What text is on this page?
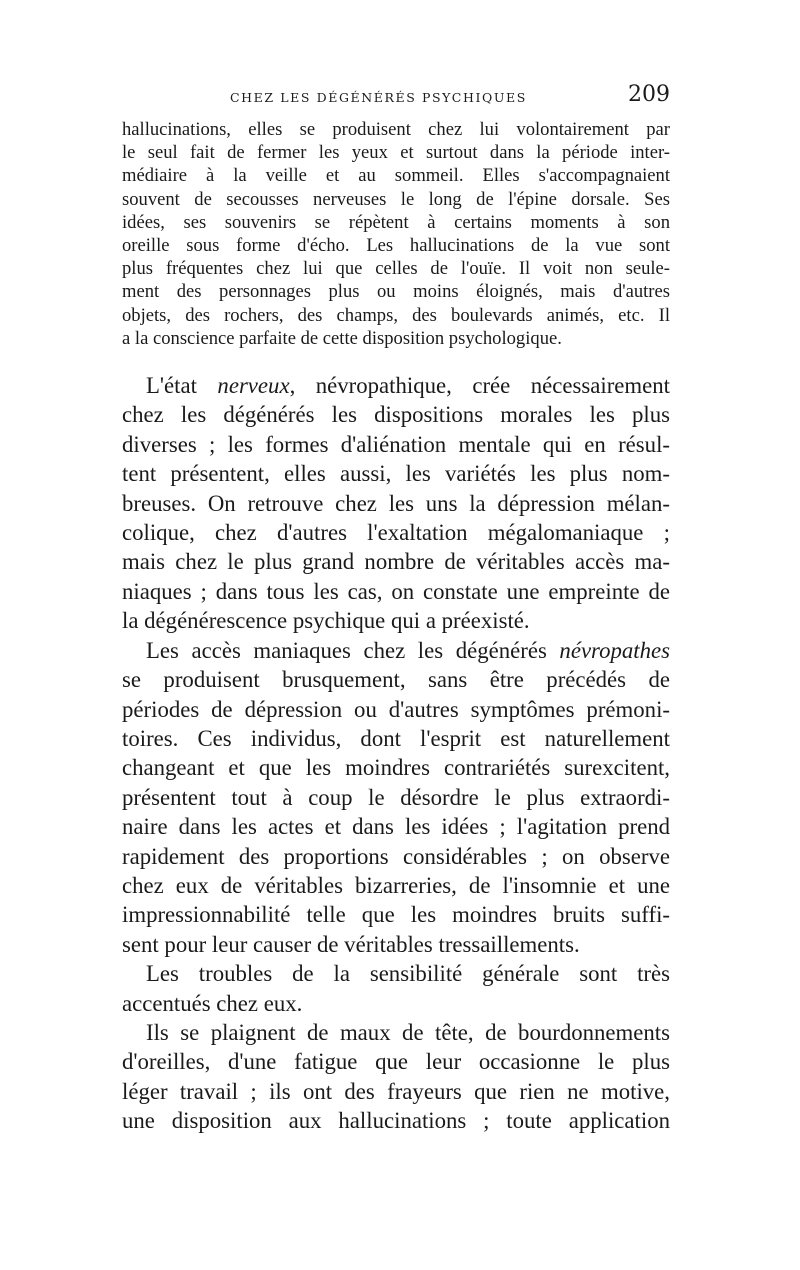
CHEZ LES DÉGÉNÉRÉS PSYCHIQUES	209

hallucinations, elles se produisent chez lui volontairement par
le seul fait de fermer les yeux et surtout dans la période inter-
médiaire à la veille et au sommeil. Elles s'accompagnaient
souvent de secousses nerveuses le long de l'épine dorsale. Ses
idées, ses souvenirs se répètent à certains moments à son
oreille sous forme d'écho. Les hallucinations de la vue sont
plus fréquentes chez lui que celles de l'ouïe. Il voit non seule-
ment des personnages plus ou moins éloignés, mais d'autres
objets, des rochers, des champs, des boulevards animés, etc. Il
a la conscience parfaite de cette disposition psychologique.

L'état nerveux, névropathique, crée nécessairement
chez les dégénérés les dispositions morales les plus
diverses ; les formes d'aliénation mentale qui en résul-
tent présentent, elles aussi, les variétés les plus nom-
breuses. On retrouve chez les uns la dépression mélan-
colique, chez d'autres l'exaltation mégalomaniaque ;
mais chez le plus grand nombre de véritables accès ma-
niaques ; dans tous les cas, on constate une empreinte de
la dégénérescence psychique qui a préexisté.

Les accès maniaques chez les dégénérés névropathes
se produisent brusquement, sans être précédés de
périodes de dépression ou d'autres symptômes prémoni-
toires. Ces individus, dont l'esprit est naturellement
changeant et que les moindres contrariétés surexcitent,
présentent tout à coup le désordre le plus extraordi-
naire dans les actes et dans les idées ; l'agitation prend
rapidement des proportions considérables ; on observe
chez eux de véritables bizarreries, de l'insomnie et une
impressionnabilité telle que les moindres bruits suffi-
sent pour leur causer de véritables tressaillements.

Les troubles de la sensibilité générale sont très
accentués chez eux.

Ils se plaignent de maux de tête, de bourdonnements
d'oreilles, d'une fatigue que leur occasionne le plus
léger travail ; ils ont des frayeurs que rien ne motive,
une disposition aux hallucinations ; toute application
